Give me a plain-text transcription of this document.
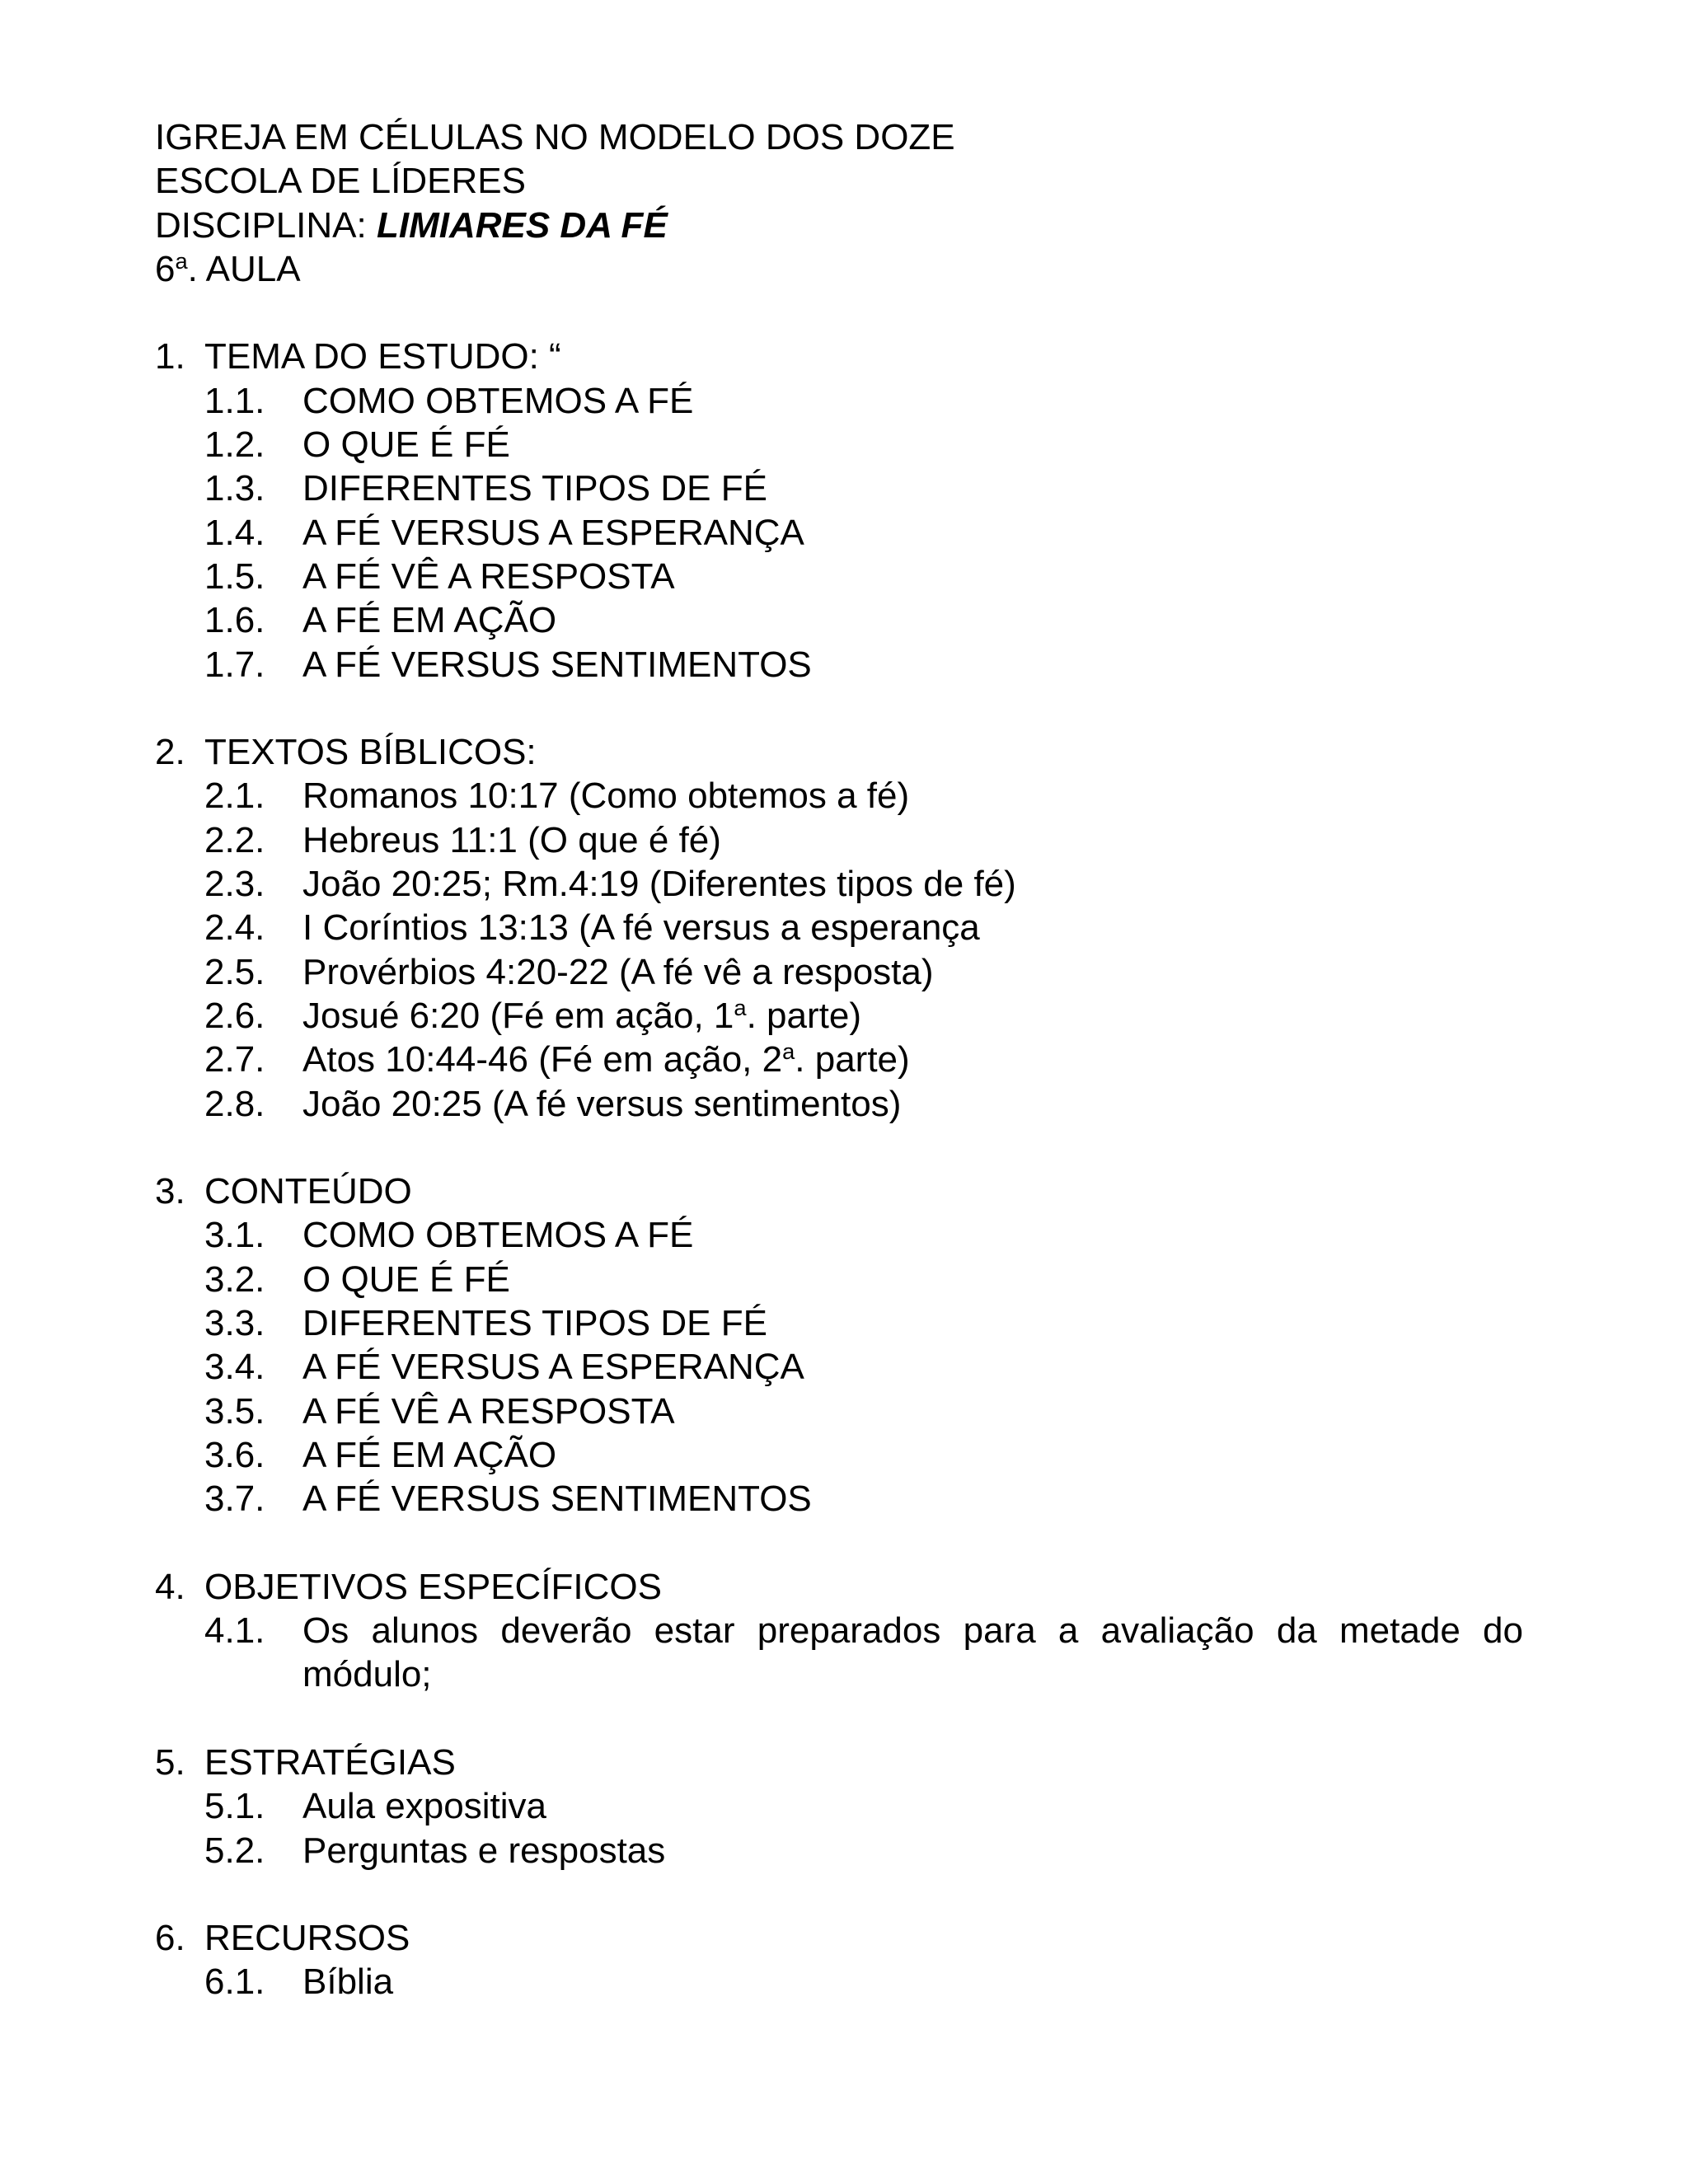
IGREJA EM CÉLULAS NO MODELO DOS DOZE

ESCOLA DE LÍDERES

DISCIPLINA: LIMIARES DA FÉ

6$^a$. AULA

1. TEMA DO ESTUDO: “
1.1.	COMO OBTEMOS A FÉ
1.2.	O QUE É FÉ
1.3.	DIFERENTES TIPOS DE FÉ
1.4.	A FÉ VERSUS A ESPERANÇA
1.5.	A FÉ VÊ A RESPOSTA
1.6.	A FÉ EM AÇÃO
1.7.	A FÉ VERSUS SENTIMENTOS
2. TEXTOS BÍBLICOS:
2.1.	Romanos 10:17 (Como obtemos a fé)
2.2.	Hebreus 11:1 (O que é fé)
2.3.	João 20:25; Rm.4:19 (Diferentes tipos de fé)
2.4.	I Coríntios 13:13 (A fé versus a esperança
2.5.	Provérbios 4:20-22 (A fé vê a resposta)
2.6.	Josué 6:20 (Fé em ação, 1$^a$. parte)
2.7.	Atos 10:44-46 (Fé em ação, 2$^a$. parte)
2.8.	João 20:25 (A fé versus sentimentos)
3. CONTEÚDO
3.1.	COMO OBTEMOS A FÉ
3.2.	O QUE É FÉ
3.3.	DIFERENTES TIPOS DE FÉ
3.4.	A FÉ VERSUS A ESPERANÇA
3.5.	A FÉ VÊ A RESPOSTA
3.6.	A FÉ EM AÇÃO
3.7.	A FÉ VERSUS SENTIMENTOS
4. OBJETIVOS ESPECÍFICOS
4.1.	Os alunos deverão estar preparados para a avaliação da metade do módulo;
5. ESTRATÉGIAS
5.1.	Aula expositiva
5.2.	Perguntas e respostas
6. RECURSOS
6.1.	Bíblia
